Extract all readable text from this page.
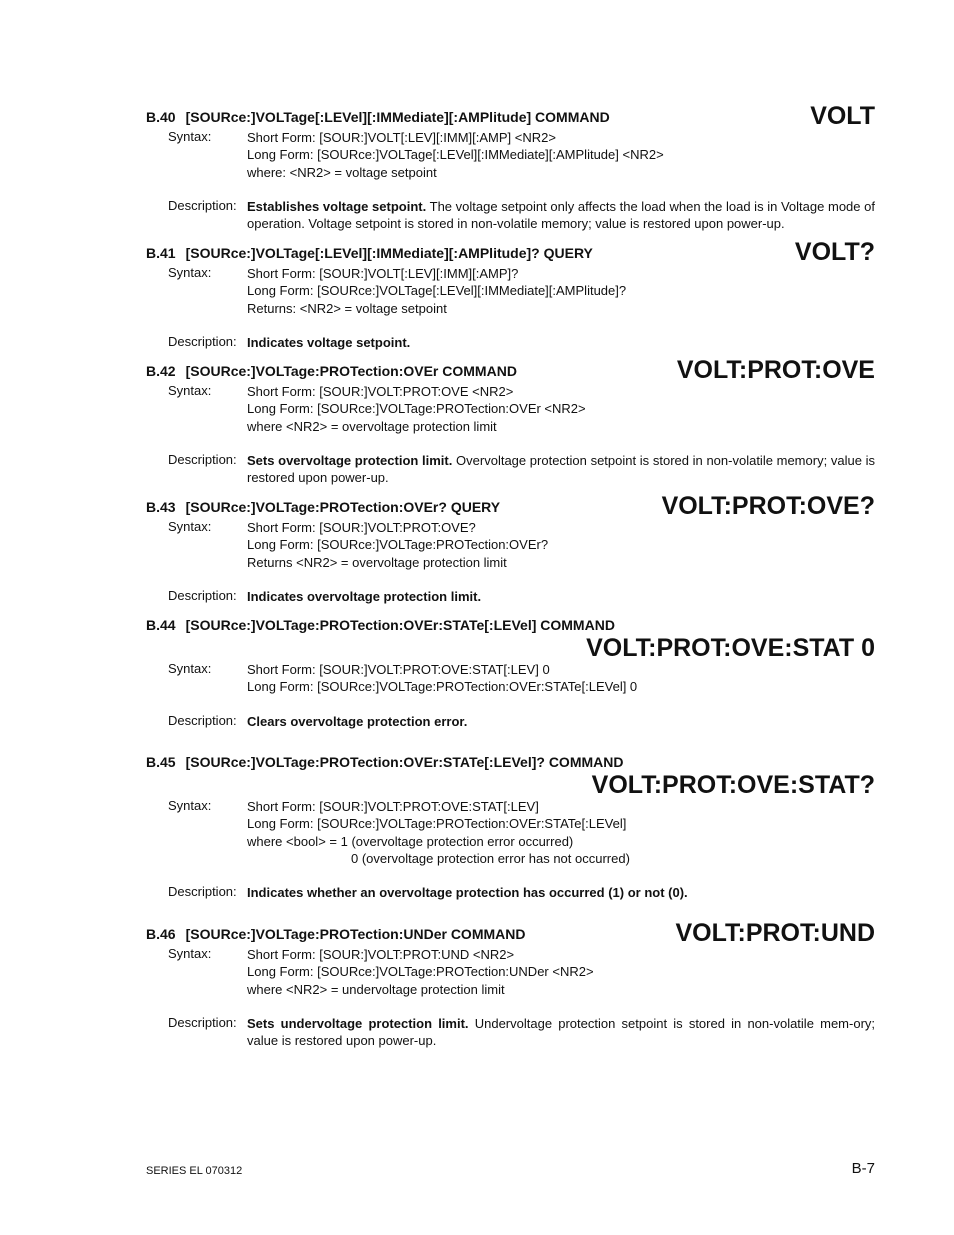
B.40 [SOURce:]VOLTage[:LEVel][:IMMediate][:AMPlitude] COMMAND	VOLT
Syntax:	Short Form: [SOUR:]VOLT[:LEV][:IMM][:AMP] <NR2>
Long Form: [SOURce:]VOLTage[:LEVel][:IMMediate][:AMPlitude] <NR2>
where: <NR2> = voltage setpoint
Description: Establishes voltage setpoint. The voltage setpoint only affects the load when the load is in Voltage mode of operation. Voltage setpoint is stored in non-volatile memory; value is restored upon power-up.
B.41 [SOURce:]VOLTage[:LEVel][:IMMediate][:AMPlitude]? QUERY	VOLT?
Syntax:	Short Form: [SOUR:]VOLT[:LEV][:IMM][:AMP]?
Long Form: [SOURce:]VOLTage[:LEVel][:IMMediate][:AMPlitude]?
Returns: <NR2> = voltage setpoint
Description: Indicates voltage setpoint.
B.42 [SOURce:]VOLTage:PROTection:OVEr COMMAND	VOLT:PROT:OVE
Syntax:	Short Form: [SOUR:]VOLT:PROT:OVE <NR2>
Long Form: [SOURce:]VOLTage:PROTection:OVEr <NR2>
where <NR2> = overvoltage protection limit
Description: Sets overvoltage protection limit. Overvoltage protection setpoint is stored in non-volatile memory; value is restored upon power-up.
B.43 [SOURce:]VOLTage:PROTection:OVEr? QUERY	VOLT:PROT:OVE?
Syntax:	Short Form: [SOUR:]VOLT:PROT:OVE?
Long Form: [SOURce:]VOLTage:PROTection:OVEr?
Returns <NR2> = overvoltage protection limit
Description: Indicates overvoltage protection limit.
B.44 [SOURce:]VOLTage:PROTection:OVEr:STATe[:LEVel] COMMAND
VOLT:PROT:OVE:STAT 0
Syntax:	Short Form: [SOUR:]VOLT:PROT:OVE:STAT[:LEV] 0
Long Form: [SOURce:]VOLTage:PROTection:OVEr:STATe[:LEVel] 0
Description: Clears overvoltage protection error.
B.45 [SOURce:]VOLTage:PROTection:OVEr:STATe[:LEVel]? COMMAND
VOLT:PROT:OVE:STAT?
Syntax:	Short Form: [SOUR:]VOLT:PROT:OVE:STAT[:LEV]
Long Form: [SOURce:]VOLTage:PROTection:OVEr:STATe[:LEVel]
where <bool> = 1 (overvoltage protection error occurred)
0 (overvoltage protection error has not occurred)
Description: Indicates whether an overvoltage protection has occurred (1) or not (0).
B.46 [SOURce:]VOLTage:PROTection:UNDer COMMAND	VOLT:PROT:UND
Syntax:	Short Form: [SOUR:]VOLT:PROT:UND <NR2>
Long Form: [SOURce:]VOLTage:PROTection:UNDer <NR2>
where <NR2> = undervoltage protection limit
Description: Sets undervoltage protection limit. Undervoltage protection setpoint is stored in non-volatile mem-ory; value is restored upon power-up.
SERIES EL 070312	B-7
